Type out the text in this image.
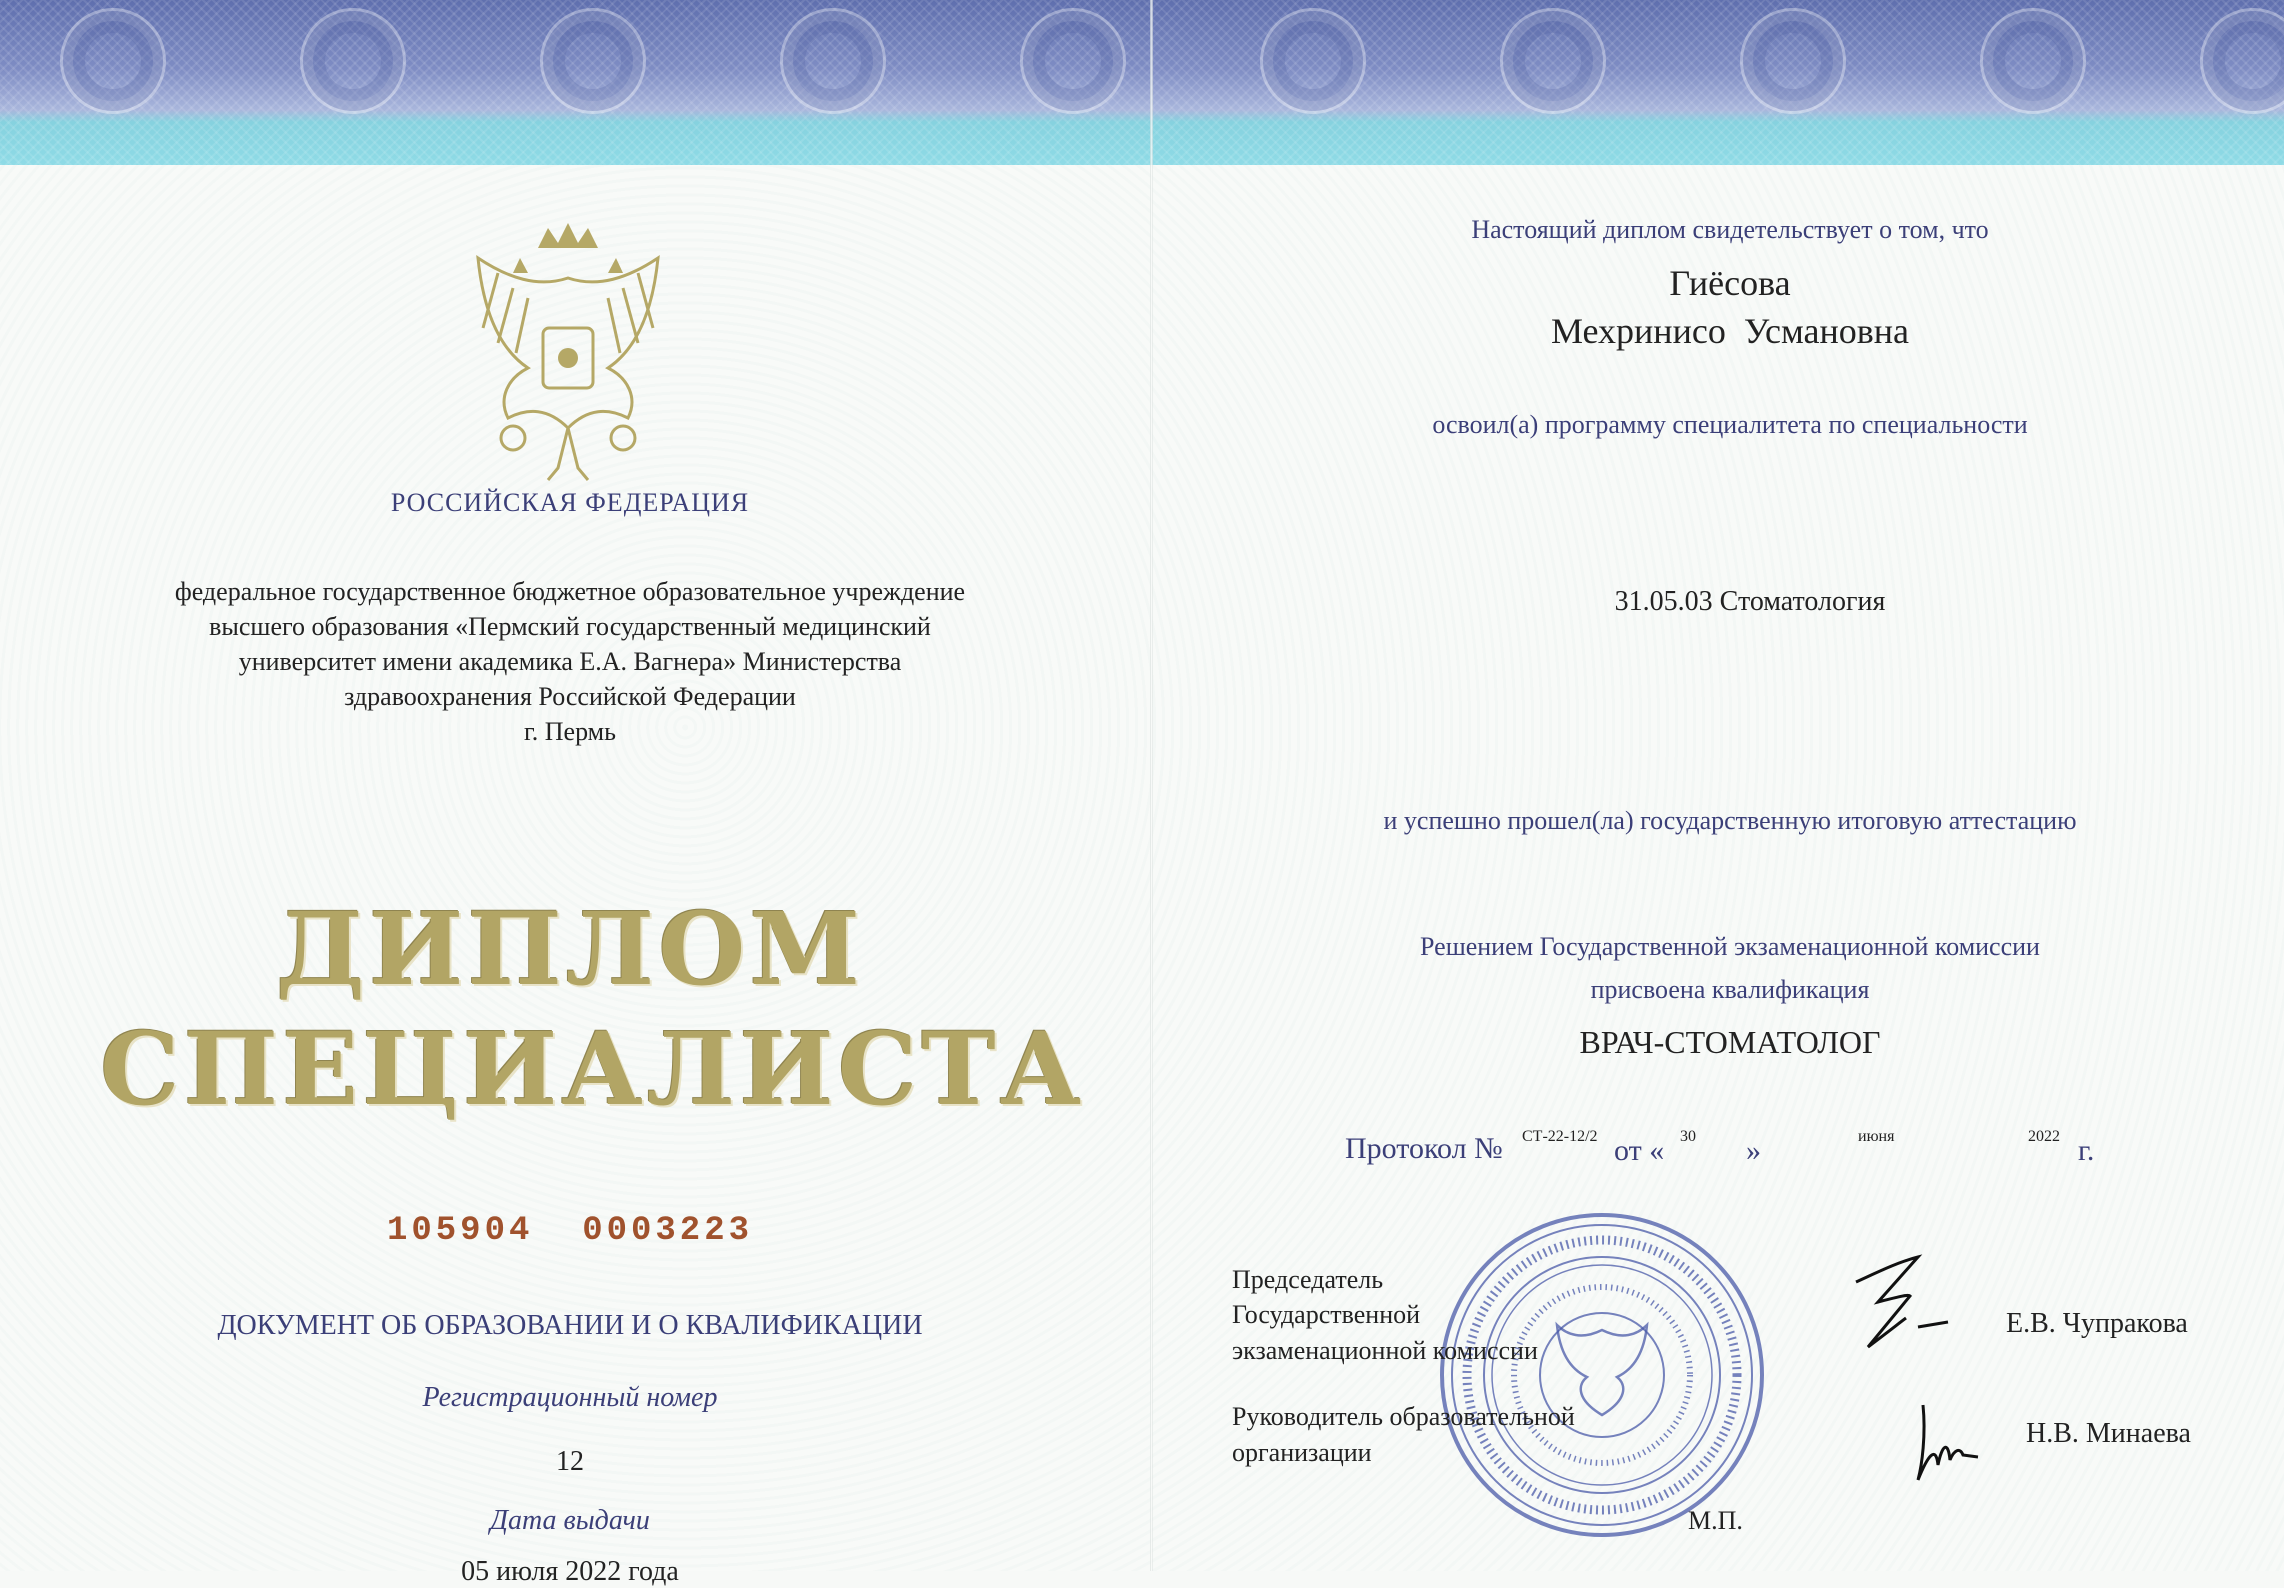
РОССИЙСКАЯ ФЕДЕРАЦИЯ
федеральное государственное бюджетное образовательное учреждение
высшего образования «Пермский государственный медицинский
университет имени академика Е.А. Вагнера» Министерства
здравоохранения Российской Федерации
г. Пермь
ДИПЛОМ
СПЕЦИАЛИСТА
105904  0003223
ДОКУМЕНТ ОБ ОБРАЗОВАНИИ И О КВАЛИФИКАЦИИ
Регистрационный номер
12
Дата выдачи
05 июля 2022 года
Настоящий диплом свидетельствует о том, что
Гиёсова
Мехринисо  Усмановна
освоил(а) программу специалитета по специальности
31.05.03 Стоматология
и успешно прошел(ла) государственную итоговую аттестацию
Решением Государственной экзаменационной комиссии
присвоена квалификация
ВРАЧ-СТОМАТОЛОГ
Протокол № СТ-22-12/2 от « 30 »	июня	2022 г.
Председатель
Государственной
экзаменационной комиссии
Е.В. Чупракова
Руководитель образовательной
организации
Н.В. Минаева
М.П.
